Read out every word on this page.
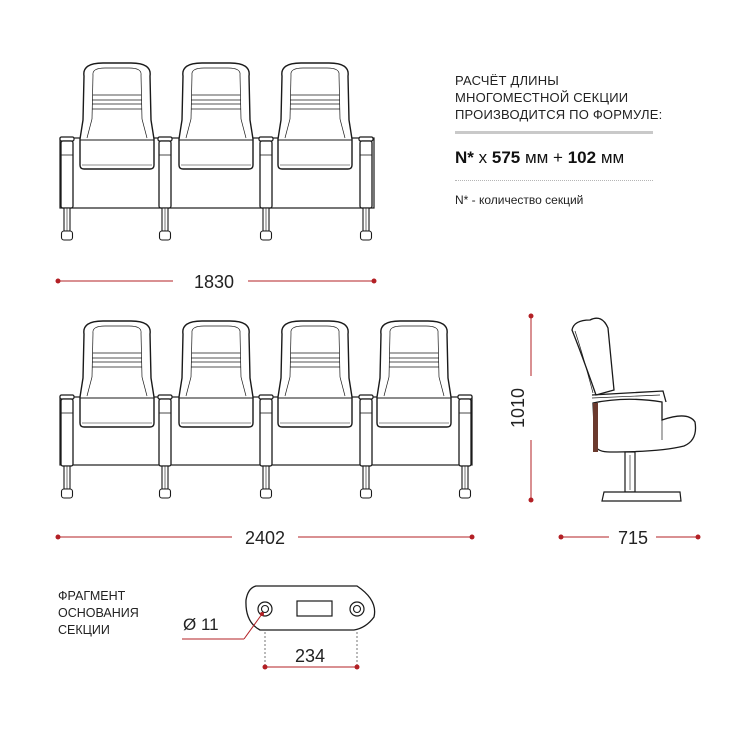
1830
2402
1010
715
Ø 11
234
РАСЧЁТ ДЛИНЫ
МНОГОМЕСТНОЙ СЕКЦИИ
ПРОИЗВОДИТСЯ ПО ФОРМУЛЕ:
N* х 575 мм + 102 мм
N* - количество секций
ФРАГМЕНТ
ОСНОВАНИЯ
СЕКЦИИ
